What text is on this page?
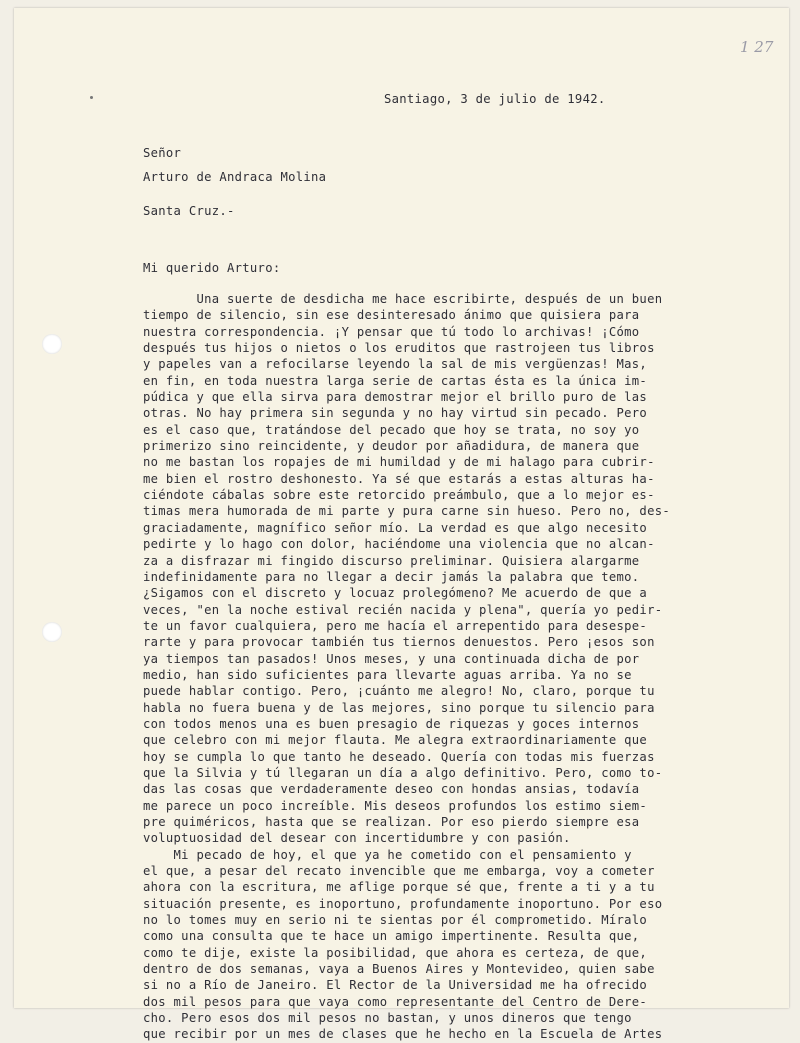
1 27
Santiago, 3 de julio de 1942.
Señor
Arturo de Andraca Molina
Santa Cruz.-
Mi querido Arturo:
Una suerte de desdicha me hace escribirte, después de un buen
tiempo de silencio, sin ese desinteresado ánimo que quisiera para
nuestra correspondencia. ¡Y pensar que tú todo lo archivas! ¡Cómo
después tus hijos o nietos o los eruditos que rastrojeen tus libros
y papeles van a refocilarse leyendo la sal de mis vergüenzas! Mas,
en fin, en toda nuestra larga serie de cartas ésta es la única im-
púdica y que ella sirva para demostrar mejor el brillo puro de las
otras. No hay primera sin segunda y no hay virtud sin pecado. Pero
es el caso que, tratándose del pecado que hoy se trata, no soy yo
primerizo sino reincidente, y deudor por añadidura, de manera que
no me bastan los ropajes de mi humildad y de mi halago para cubrir-
me bien el rostro deshonesto. Ya sé que estarás a estas alturas ha-
ciéndote cábalas sobre este retorcido preámbulo, que a lo mejor es-
timas mera humorada de mi parte y pura carne sin hueso. Pero no, des-
graciadamente, magnífico señor mío. La verdad es que algo necesito
pedirte y lo hago con dolor, haciéndome una violencia que no alcan-
za a disfrazar mi fingido discurso preliminar. Quisiera alargarme
indefinidamente para no llegar a decir jamás la palabra que temo.
¿Sigamos con el discreto y locuaz prolegómeno? Me acuerdo de que a
veces, "en la noche estival recién nacida y plena", quería yo pedir-
te un favor cualquiera, pero me hacía el arrepentido para desespe-
rarte y para provocar también tus tiernos denuestos. Pero ¡esos son
ya tiempos tan pasados! Unos meses, y una continuada dicha de por
medio, han sido suficientes para llevarte aguas arriba. Ya no se
puede hablar contigo. Pero, ¡cuánto me alegro! No, claro, porque tu
habla no fuera buena y de las mejores, sino porque tu silencio para
con todos menos una es buen presagio de riquezas y goces internos
que celebro con mi mejor flauta. Me alegra extraordinariamente que
hoy se cumpla lo que tanto he deseado. Quería con todas mis fuerzas
que la Silvia y tú llegaran un día a algo definitivo. Pero, como to-
das las cosas que verdaderamente deseo con hondas ansias, todavía
me parece un poco increíble. Mis deseos profundos los estimo siem-
pre quiméricos, hasta que se realizan. Por eso pierdo siempre esa
voluptuosidad del desear con incertidumbre y con pasión.
Mi pecado de hoy, el que ya he cometido con el pensamiento y
el que, a pesar del recato invencible que me embarga, voy a cometer
ahora con la escritura, me aflige porque sé que, frente a ti y a tu
situación presente, es inoportuno, profundamente inoportuno. Por eso
no lo tomes muy en serio ni te sientas por él comprometido. Míralo
como una consulta que te hace un amigo impertinente. Resulta que,
como te dije, existe la posibilidad, que ahora es certeza, de que,
dentro de dos semanas, vaya a Buenos Aires y Montevideo, quien sabe
si no a Río de Janeiro. El Rector de la Universidad me ha ofrecido
dos mil pesos para que vaya como representante del Centro de Dere-
cho. Pero esos dos mil pesos no bastan, y unos dineros que tengo
que recibir por un mes de clases que he hecho en la Escuela de Artes
